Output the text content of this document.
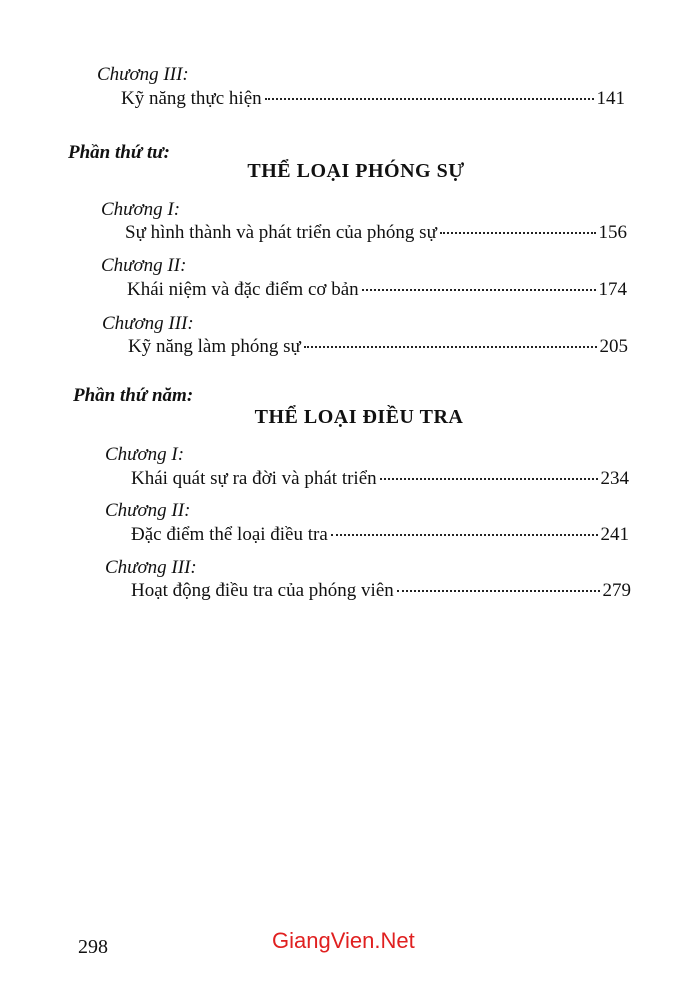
Chương III:
Kỹ năng thực hiện	141
Phần thứ tư:
THỂ LOẠI PHÓNG SỰ
Chương I:
Sự hình thành và phát triển của phóng sự	156
Chương II:
Khái niệm và đặc điểm cơ bản	174
Chương III:
Kỹ năng làm phóng sự	205
Phần thứ năm:
THỂ LOẠI ĐIỀU TRA
Chương I:
Khái quát sự ra đời và phát triển	234
Chương II:
Đặc điểm thể loại điều tra	241
Chương III:
Hoạt động điều tra của phóng viên	279
298	GiangVien.Net
